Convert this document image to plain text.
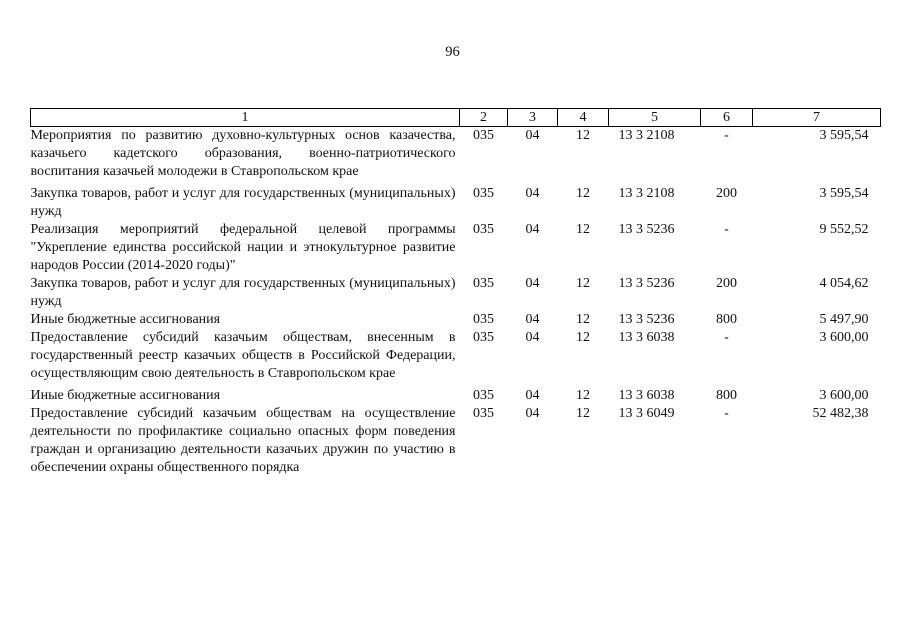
96
1	2	3	4	5	6	7
Мероприятия по развитию духовно-культурных основ казачества, казачьего кадетского образования, военно-патриотического воспитания казачьей молодежи в Ставропольском крае	035	04	12	13 3 2108	-	3 595,54
Закупка товаров, работ и услуг для государственных (муниципальных) нужд	035	04	12	13 3 2108	200	3 595,54
Реализация мероприятий федеральной целевой программы "Укрепление единства российской нации и этнокультурное развитие народов России (2014-2020 годы)"	035	04	12	13 3 5236	-	9 552,52
Закупка товаров, работ и услуг для государственных (муниципальных) нужд	035	04	12	13 3 5236	200	4 054,62
Иные бюджетные ассигнования	035	04	12	13 3 5236	800	5 497,90
Предоставление субсидий казачьим обществам, внесенным в государственный реестр казачьих обществ в Российской Федерации, осуществляющим свою деятельность в Ставропольском крае	035	04	12	13 3 6038	-	3 600,00
Иные бюджетные ассигнования	035	04	12	13 3 6038	800	3 600,00
Предоставление субсидий казачьим обществам на осуществление деятельности по профилактике социально опасных форм поведения граждан и организацию деятельности казачьих дружин по участию в обеспечении охраны общественного порядка	035	04	12	13 3 6049	-	52 482,38
